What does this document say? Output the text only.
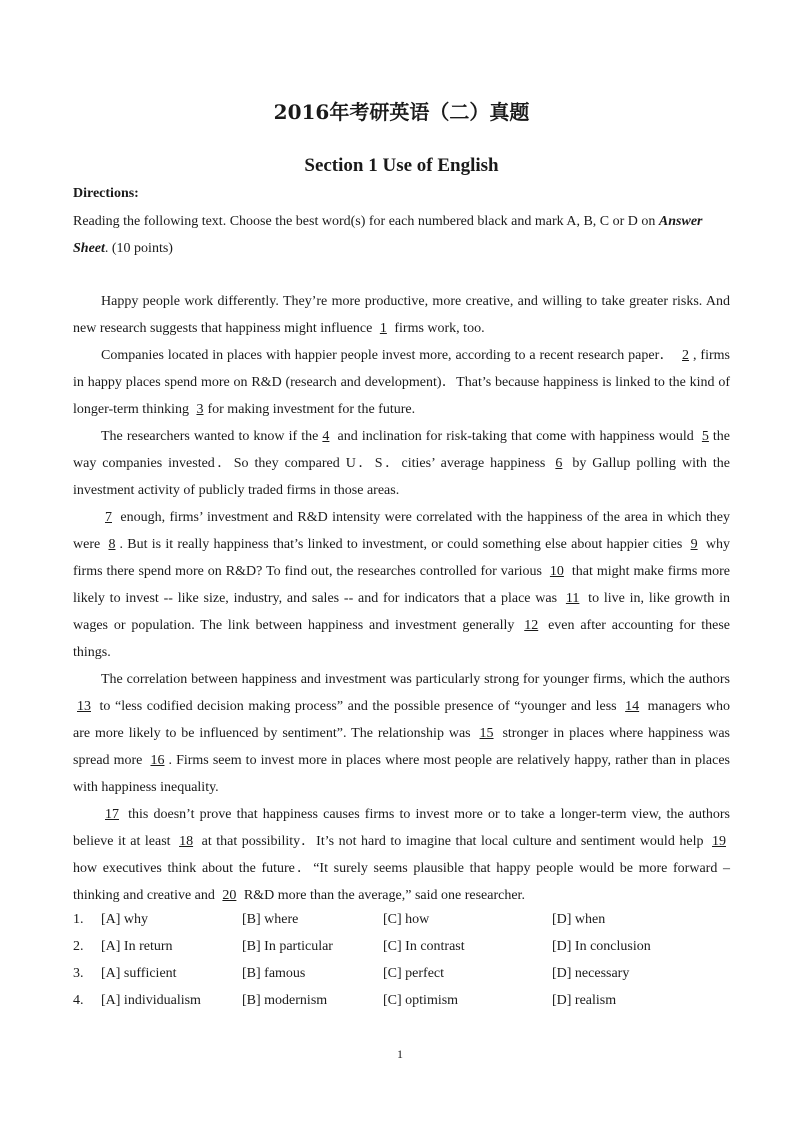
2016年考研英语（二）真题
Section 1 Use of English
Directions:
Reading the following text. Choose the best word(s) for each numbered black and mark A, B, C or D on Answer Sheet. (10 points)

Happy people work differently. They’re more productive, more creative, and willing to take greater risks. And new research suggests that happiness might influence 1 firms work, too.

Companies located in places with happier people invest more, according to a recent research paper． 2 , firms in happy places spend more on R&D (research and development)．That’s because happiness is linked to the kind of longer-term thinking 3 for making investment for the future.

The researchers wanted to know if the 4 and inclination for risk-taking that come with happiness would 5 the way companies invested．So they compared U．S．cities’ average happiness 6 by Gallup polling with the investment activity of publicly traded firms in those areas.

7 enough, firms’ investment and R&D intensity were correlated with the happiness of the area in which they were 8 . But is it really happiness that’s linked to investment, or could something else about happier cities 9 why firms there spend more on R&D? To find out, the researches controlled for various 10 that might make firms more likely to invest -- like size, industry, and sales -- and for indicators that a place was 11 to live in, like growth in wages or population. The link between happiness and investment generally 12 even after accounting for these things.

The correlation between happiness and investment was particularly strong for younger firms, which the authors 13 to “less codified decision making process” and the possible presence of “younger and less 14 managers who are more likely to be influenced by sentiment”. The relationship was 15 stronger in places where happiness was spread more 16 . Firms seem to invest more in places where most people are relatively happy, rather than in places with happiness inequality.

17 this doesn’t prove that happiness causes firms to invest more or to take a longer-term view, the authors believe it at least 18 at that possibility．It’s not hard to imagine that local culture and sentiment would help 19 how executives think about the future．“It surely seems plausible that happy people would be more forward –thinking and creative and 20 R&D more than the average,” said one researcher.

1.	[A] why	[B] where	[C] how	[D] when
2.	[A] In return	[B] In particular	[C] In contrast	[D] In conclusion
3.	[A] sufficient	[B] famous	[C] perfect	[D] necessary
4.	[A] individualism	[B] modernism	[C] optimism	[D] realism
1
